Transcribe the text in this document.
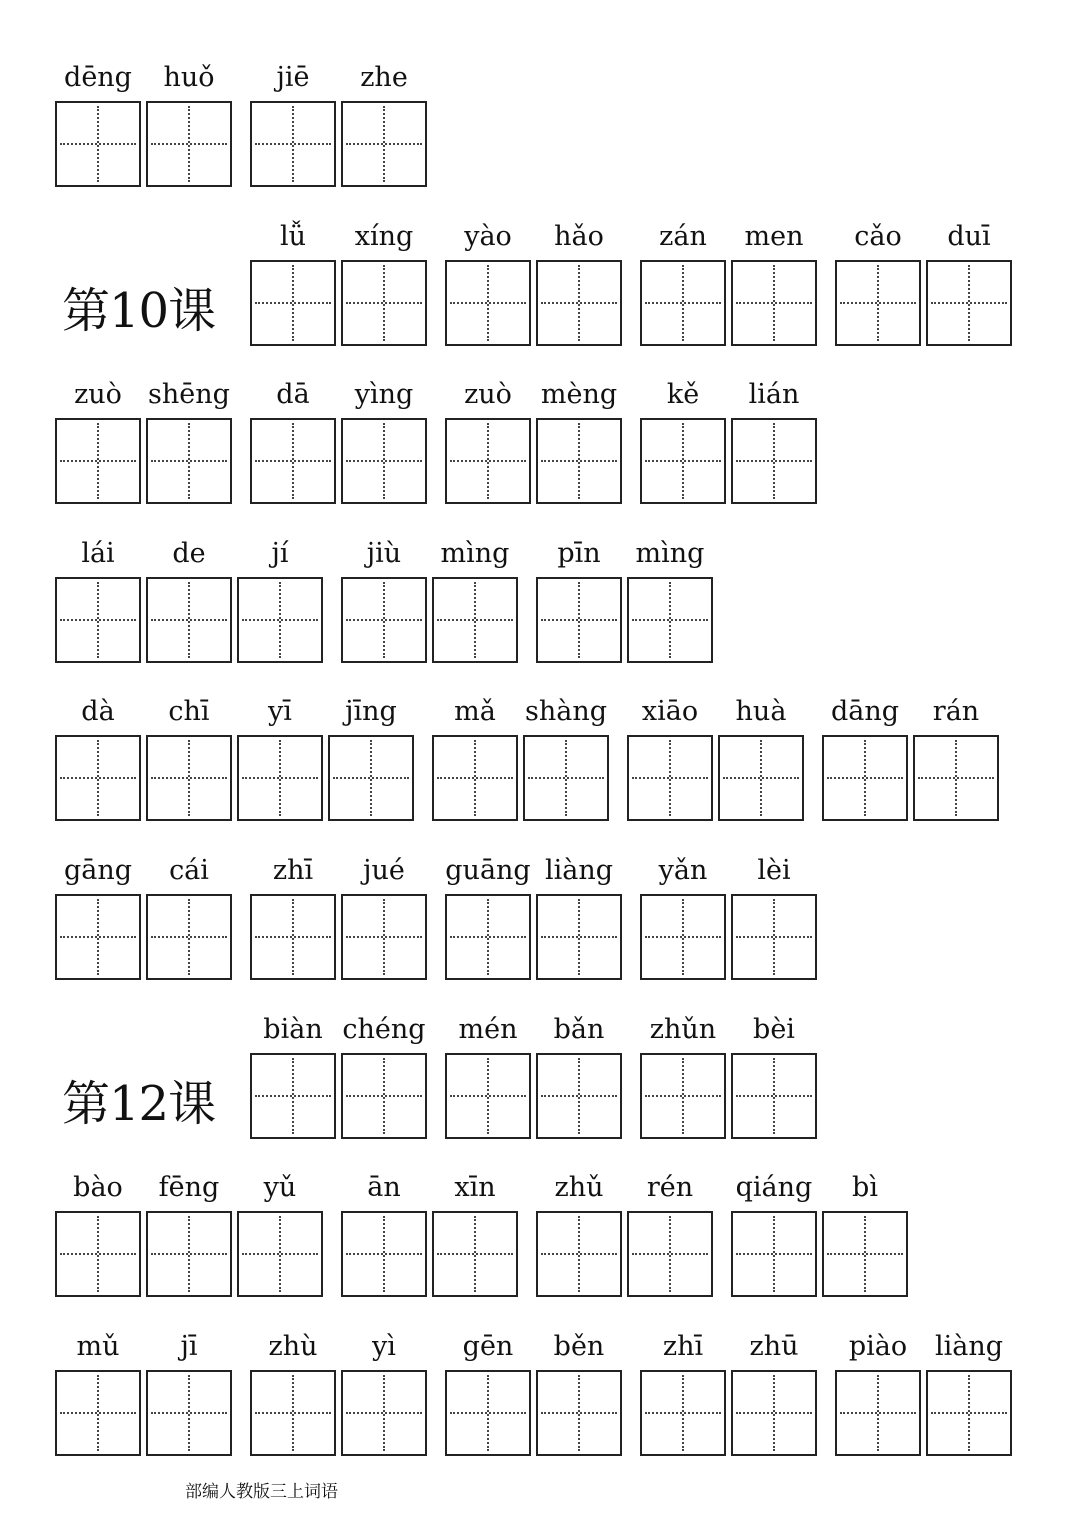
dēng	huǒ	jiē	zhe
第10课
lǚ	xíng	yào	hǎo	zán	men	cǎo	duī
zuò shēng	dā	yìng	zuò	mèng	kě	lián
lái	de	jí	jiù	mìng	pīn	mìng
dà	chī	yī	jīng	mǎ	shàng	xiāo	huà	dāng	rán
gāng	cái	zhī	jué	guāng liàng	yǎn	lèi
第12课
biàn chéng	mén	bǎn	zhǔn	bèi
bào	fēng	yǔ	ān	xīn	zhǔ	rén	qiáng	bì
mǔ	jī	zhù	yì	gēn	běn	zhī	zhū	piào	liàng
部编人教版三上词语
